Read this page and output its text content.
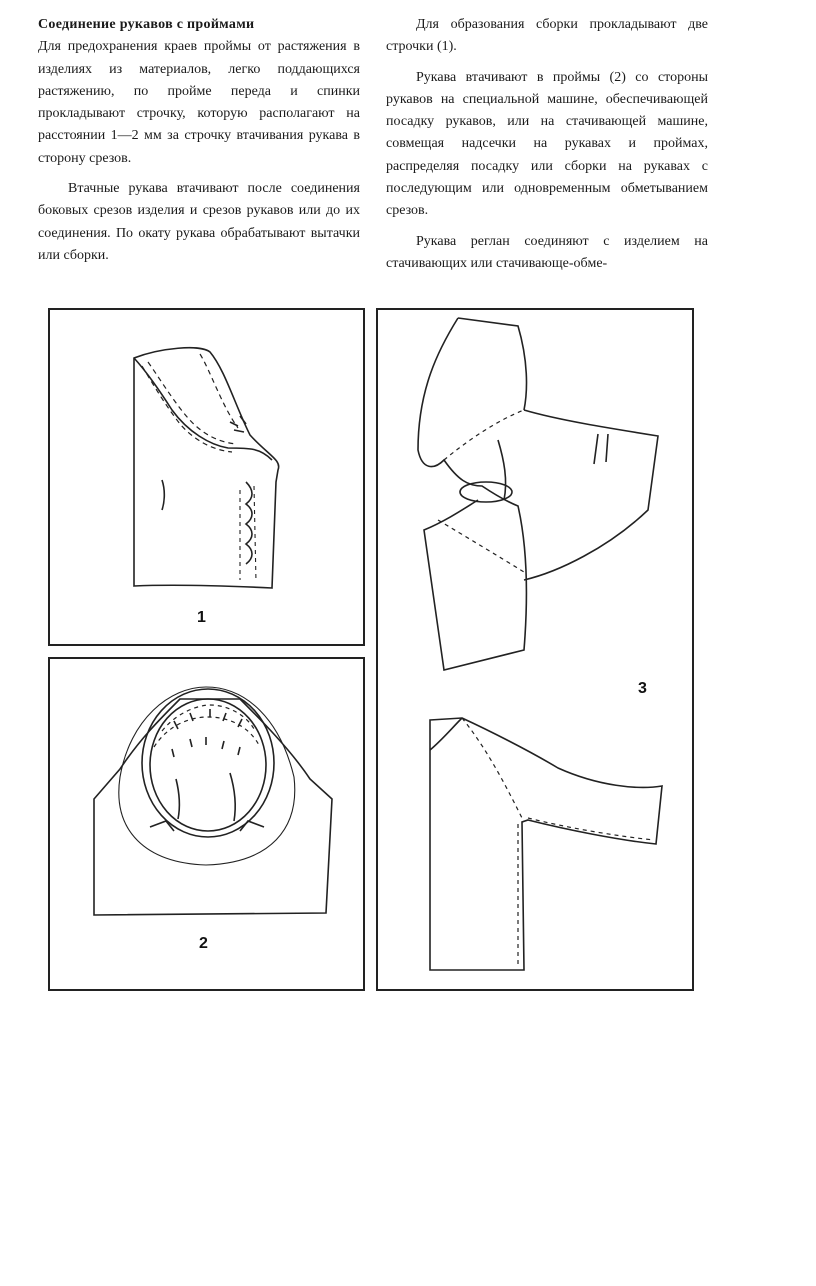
Соединение рукавов с проймами

Для предохранения краев проймы от растяжения в изделиях из материалов, легко поддающихся растяжению, по пройме переда и спинки прокладывают строчку, которую располагают на расстоянии 1—2 мм за строчку втачивания рукава в сторону срезов.

Втачные рукава втачивают после соединения боковых срезов изделия и срезов рукавов или до их соединения. По окату рукава обрабатывают вытачки или сборки.

Для образования сборки прокладывают две строчки (1).

Рукава втачивают в проймы (2) со стороны рукавов на специальной машине, обеспечивающей посадку рукавов, или на стачивающей машине, совмещая надсечки на рукавах и проймах, распределяя посадку или сборки на рукавах с последующим или одновременным обметыванием срезов.

Рукава реглан соединяют с изделием на стачивающих или стачивающе-обме-

1
2
3
